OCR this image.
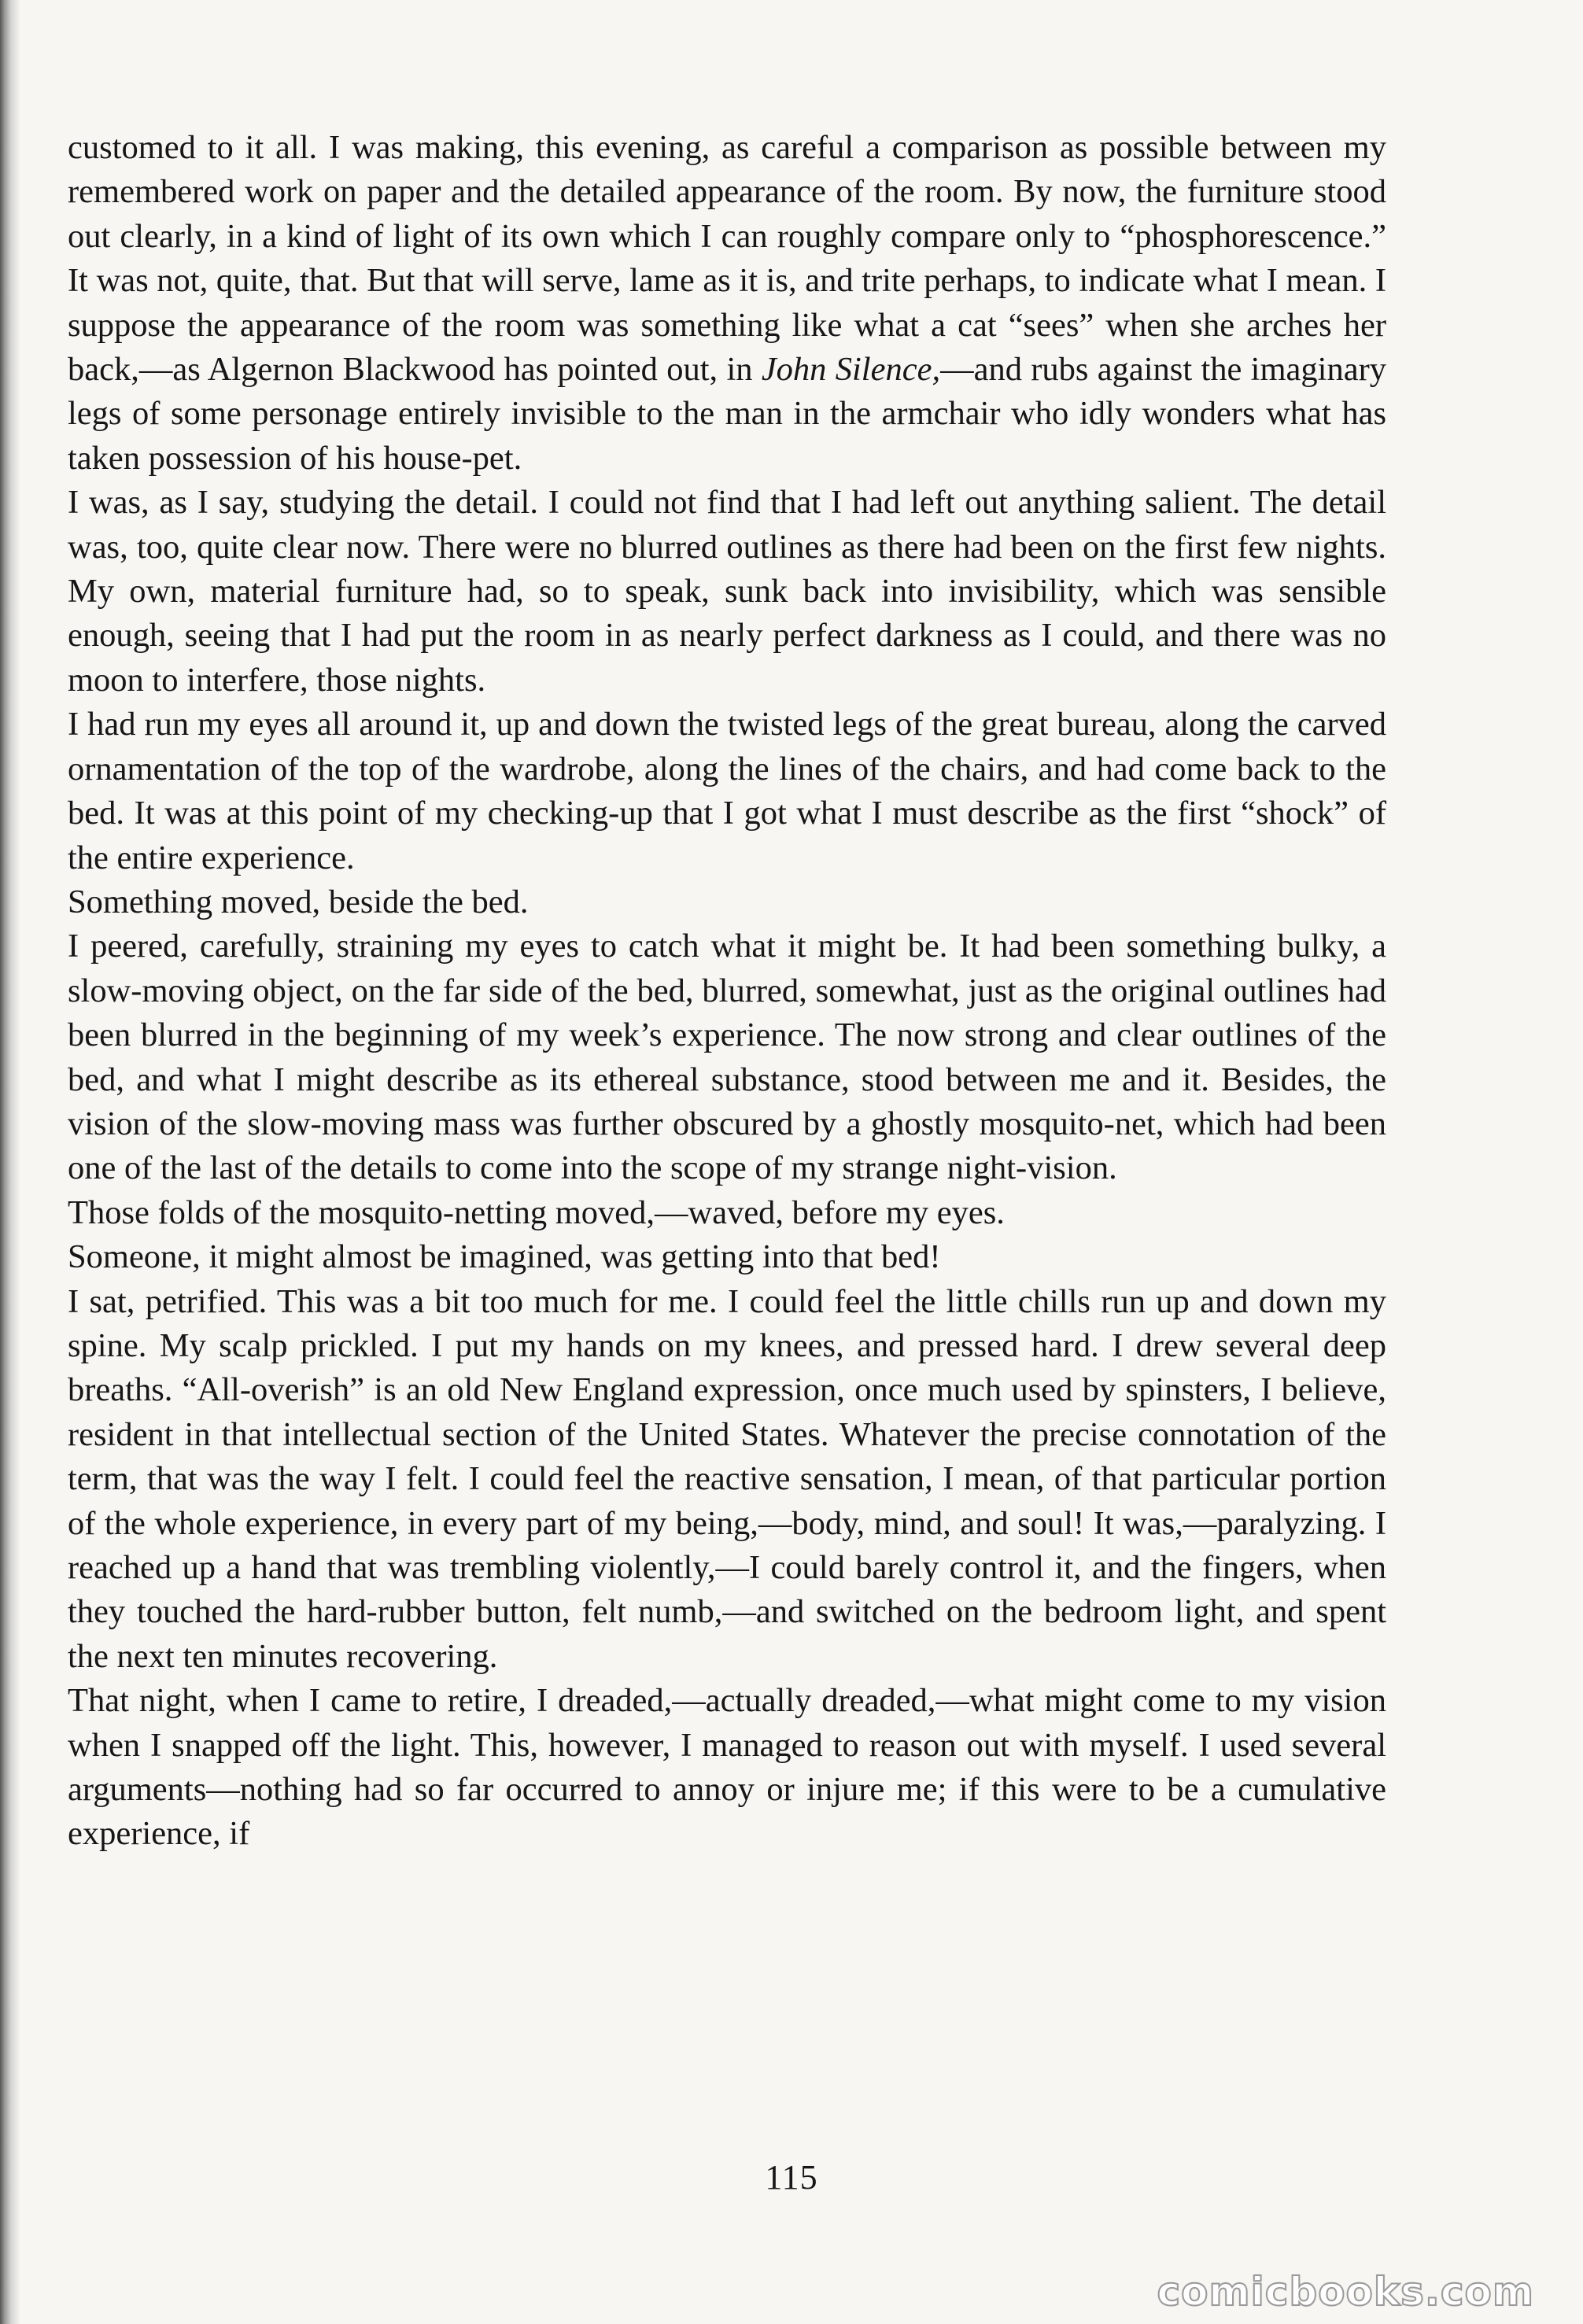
customed to it all. I was making, this evening, as careful a comparison as possible between my remembered work on paper and the detailed appearance of the room. By now, the furniture stood out clearly, in a kind of light of its own which I can roughly compare only to “phosphorescence.” It was not, quite, that. But that will serve, lame as it is, and trite perhaps, to indicate what I mean. I suppose the appearance of the room was something like what a cat “sees” when she arches her back,—as Algernon Blackwood has pointed out, in John Silence,—and rubs against the imaginary legs of some personage entirely invisible to the man in the armchair who idly wonders what has taken possession of his house-pet.

I was, as I say, studying the detail. I could not find that I had left out anything salient. The detail was, too, quite clear now. There were no blurred outlines as there had been on the first few nights. My own, material furniture had, so to speak, sunk back into invisibility, which was sensible enough, seeing that I had put the room in as nearly perfect darkness as I could, and there was no moon to interfere, those nights.

I had run my eyes all around it, up and down the twisted legs of the great bureau, along the carved ornamentation of the top of the wardrobe, along the lines of the chairs, and had come back to the bed. It was at this point of my checking-up that I got what I must describe as the first “shock” of the entire experience.

Something moved, beside the bed.

I peered, carefully, straining my eyes to catch what it might be. It had been something bulky, a slow-moving object, on the far side of the bed, blurred, somewhat, just as the original outlines had been blurred in the beginning of my week’s experience. The now strong and clear outlines of the bed, and what I might describe as its ethereal substance, stood between me and it. Besides, the vision of the slow-moving mass was further obscured by a ghostly mosquito-net, which had been one of the last of the details to come into the scope of my strange night-vision.

Those folds of the mosquito-netting moved,—waved, before my eyes.

Someone, it might almost be imagined, was getting into that bed!

I sat, petrified. This was a bit too much for me. I could feel the little chills run up and down my spine. My scalp prickled. I put my hands on my knees, and pressed hard. I drew several deep breaths. “All-overish” is an old New England expression, once much used by spinsters, I believe, resident in that intellectual section of the United States. Whatever the precise connotation of the term, that was the way I felt. I could feel the reactive sensation, I mean, of that particular portion of the whole experience, in every part of my being,—body, mind, and soul! It was,—paralyzing. I reached up a hand that was trembling violently,—I could barely control it, and the fingers, when they touched the hard-rubber button, felt numb,—and switched on the bedroom light, and spent the next ten minutes recovering.

That night, when I came to retire, I dreaded,—actually dreaded,—what might come to my vision when I snapped off the light. This, however, I managed to reason out with myself. I used several arguments—nothing had so far occurred to annoy or injure me; if this were to be a cumulative experience, if

115
comicbooks.com
